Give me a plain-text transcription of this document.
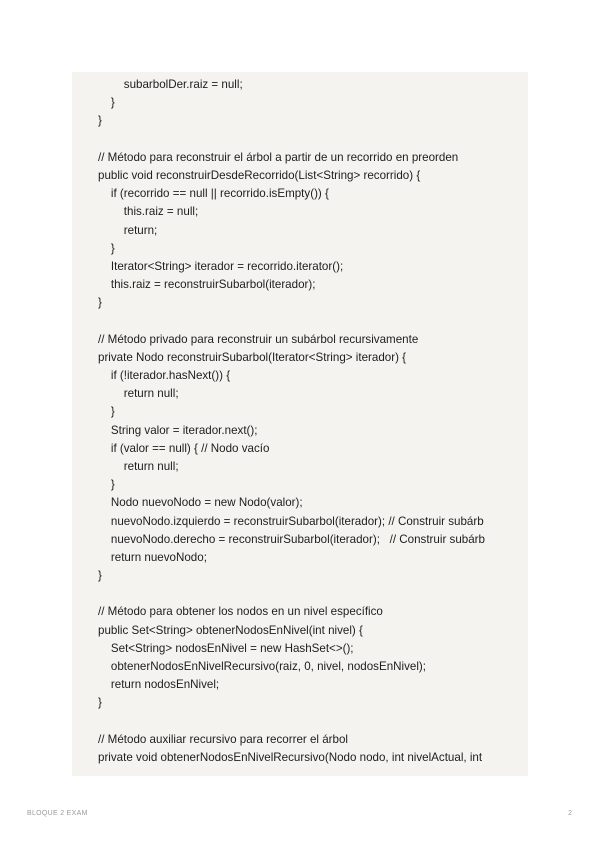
subarbolDer.raiz = null;
}
}
// Método para reconstruir el árbol a partir de un recorrido en preorden
public void reconstruirDesdeRecorrido(List<String> recorrido) {
if (recorrido == null || recorrido.isEmpty()) {
this.raiz = null;
return;
}
Iterator<String> iterador = recorrido.iterator();
this.raiz = reconstruirSubarbol(iterador);
}
// Método privado para reconstruir un subárbol recursivamente
private Nodo reconstruirSubarbol(Iterator<String> iterador) {
if (!iterador.hasNext()) {
return null;
}
String valor = iterador.next();
if (valor == null) { // Nodo vacío
return null;
}
Nodo nuevoNodo = new Nodo(valor);
nuevoNodo.izquierdo = reconstruirSubarbol(iterador); // Construir subárb
nuevoNodo.derecho = reconstruirSubarbol(iterador);   // Construir subárb
return nuevoNodo;
}
// Método para obtener los nodos en un nivel específico
public Set<String> obtenerNodosEnNivel(int nivel) {
Set<String> nodosEnNivel = new HashSet<>();
obtenerNodosEnNivelRecursivo(raiz, 0, nivel, nodosEnNivel);
return nodosEnNivel;
}
// Método auxiliar recursivo para recorrer el árbol
private void obtenerNodosEnNivelRecursivo(Nodo nodo, int nivelActual, int
BLOQUE 2 EXAM	2
